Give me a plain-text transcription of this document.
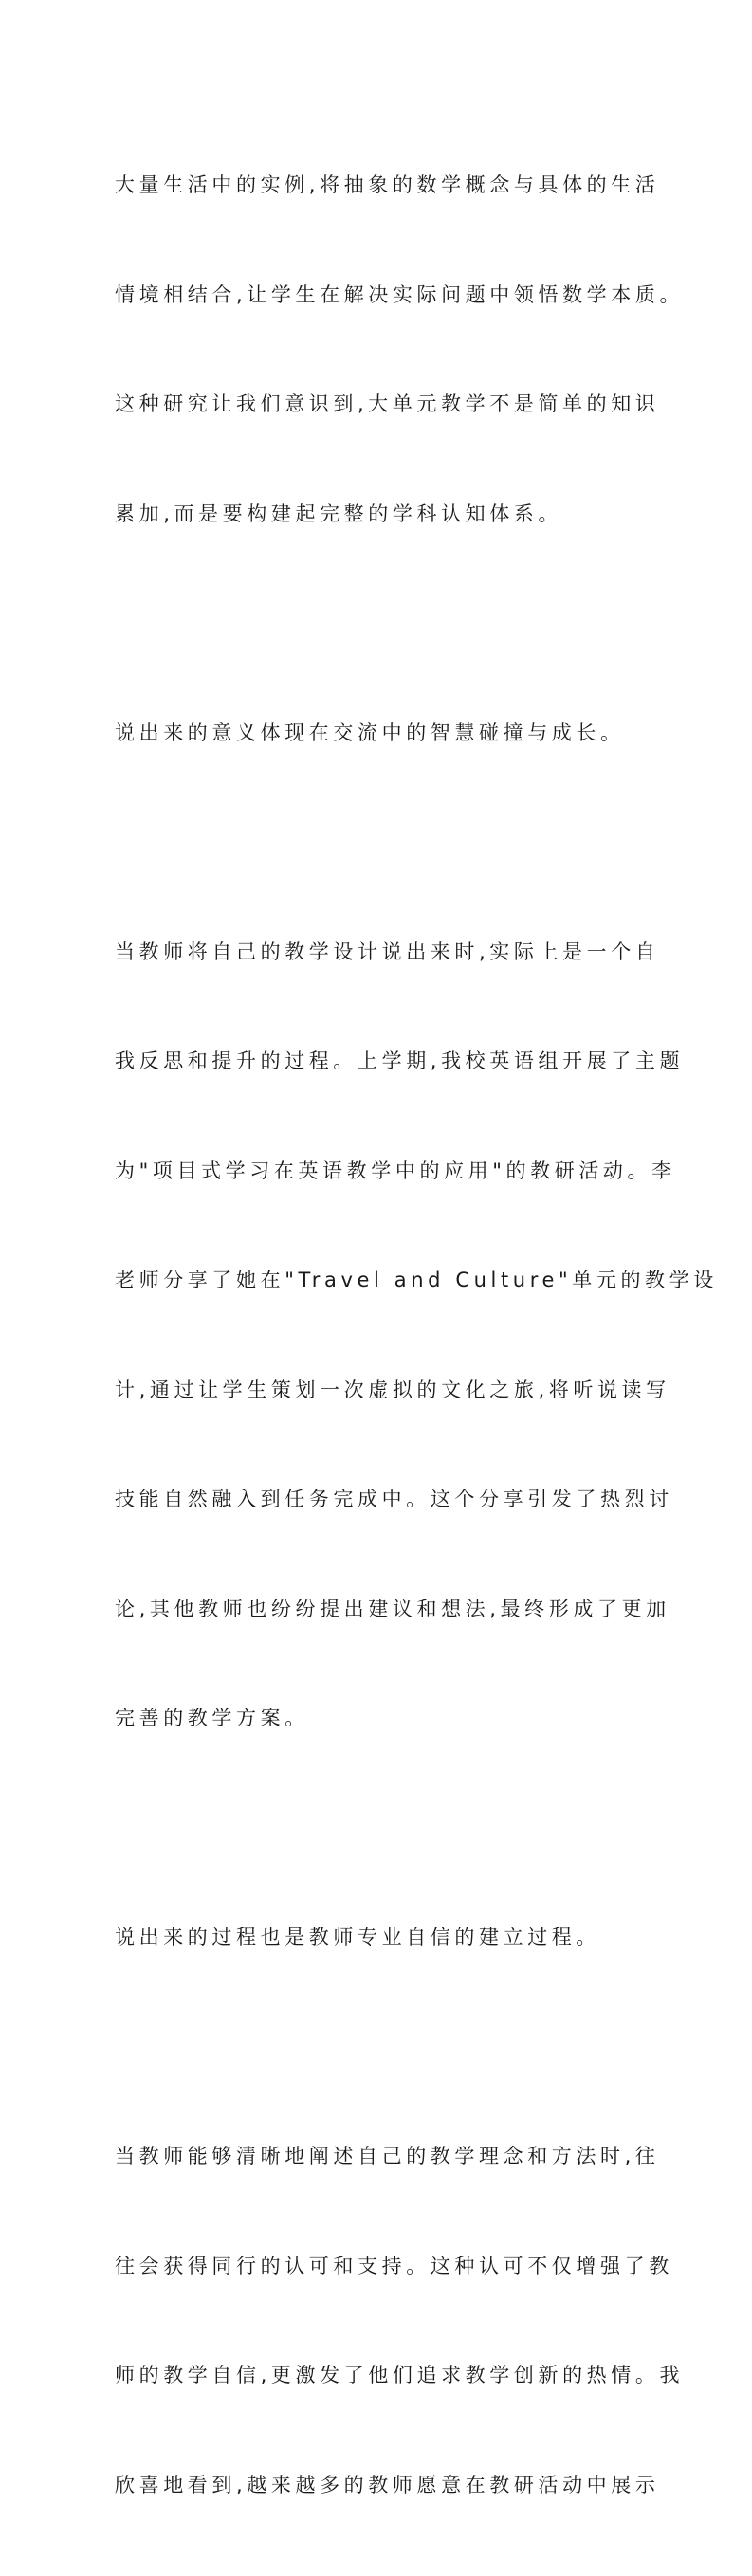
大量生活中的实例,将抽象的数学概念与具体的生活

情境相结合,让学生在解决实际问题中领悟数学本质。

这种研究让我们意识到,大单元教学不是简单的知识

累加,而是要构建起完整的学科认知体系。

说出来的意义体现在交流中的智慧碰撞与成长。

当教师将自己的教学设计说出来时,实际上是一个自

我反思和提升的过程。上学期,我校英语组开展了主题

为"项目式学习在英语教学中的应用"的教研活动。李

老师分享了她在"Travel and Culture"单元的教学设

计,通过让学生策划一次虚拟的文化之旅,将听说读写

技能自然融入到任务完成中。这个分享引发了热烈讨

论,其他教师也纷纷提出建议和想法,最终形成了更加

完善的教学方案。

说出来的过程也是教师专业自信的建立过程。

当教师能够清晰地阐述自己的教学理念和方法时,往

往会获得同行的认可和支持。这种认可不仅增强了教

师的教学自信,更激发了他们追求教学创新的热情。我

欣喜地看到,越来越多的教师愿意在教研活动中展示
